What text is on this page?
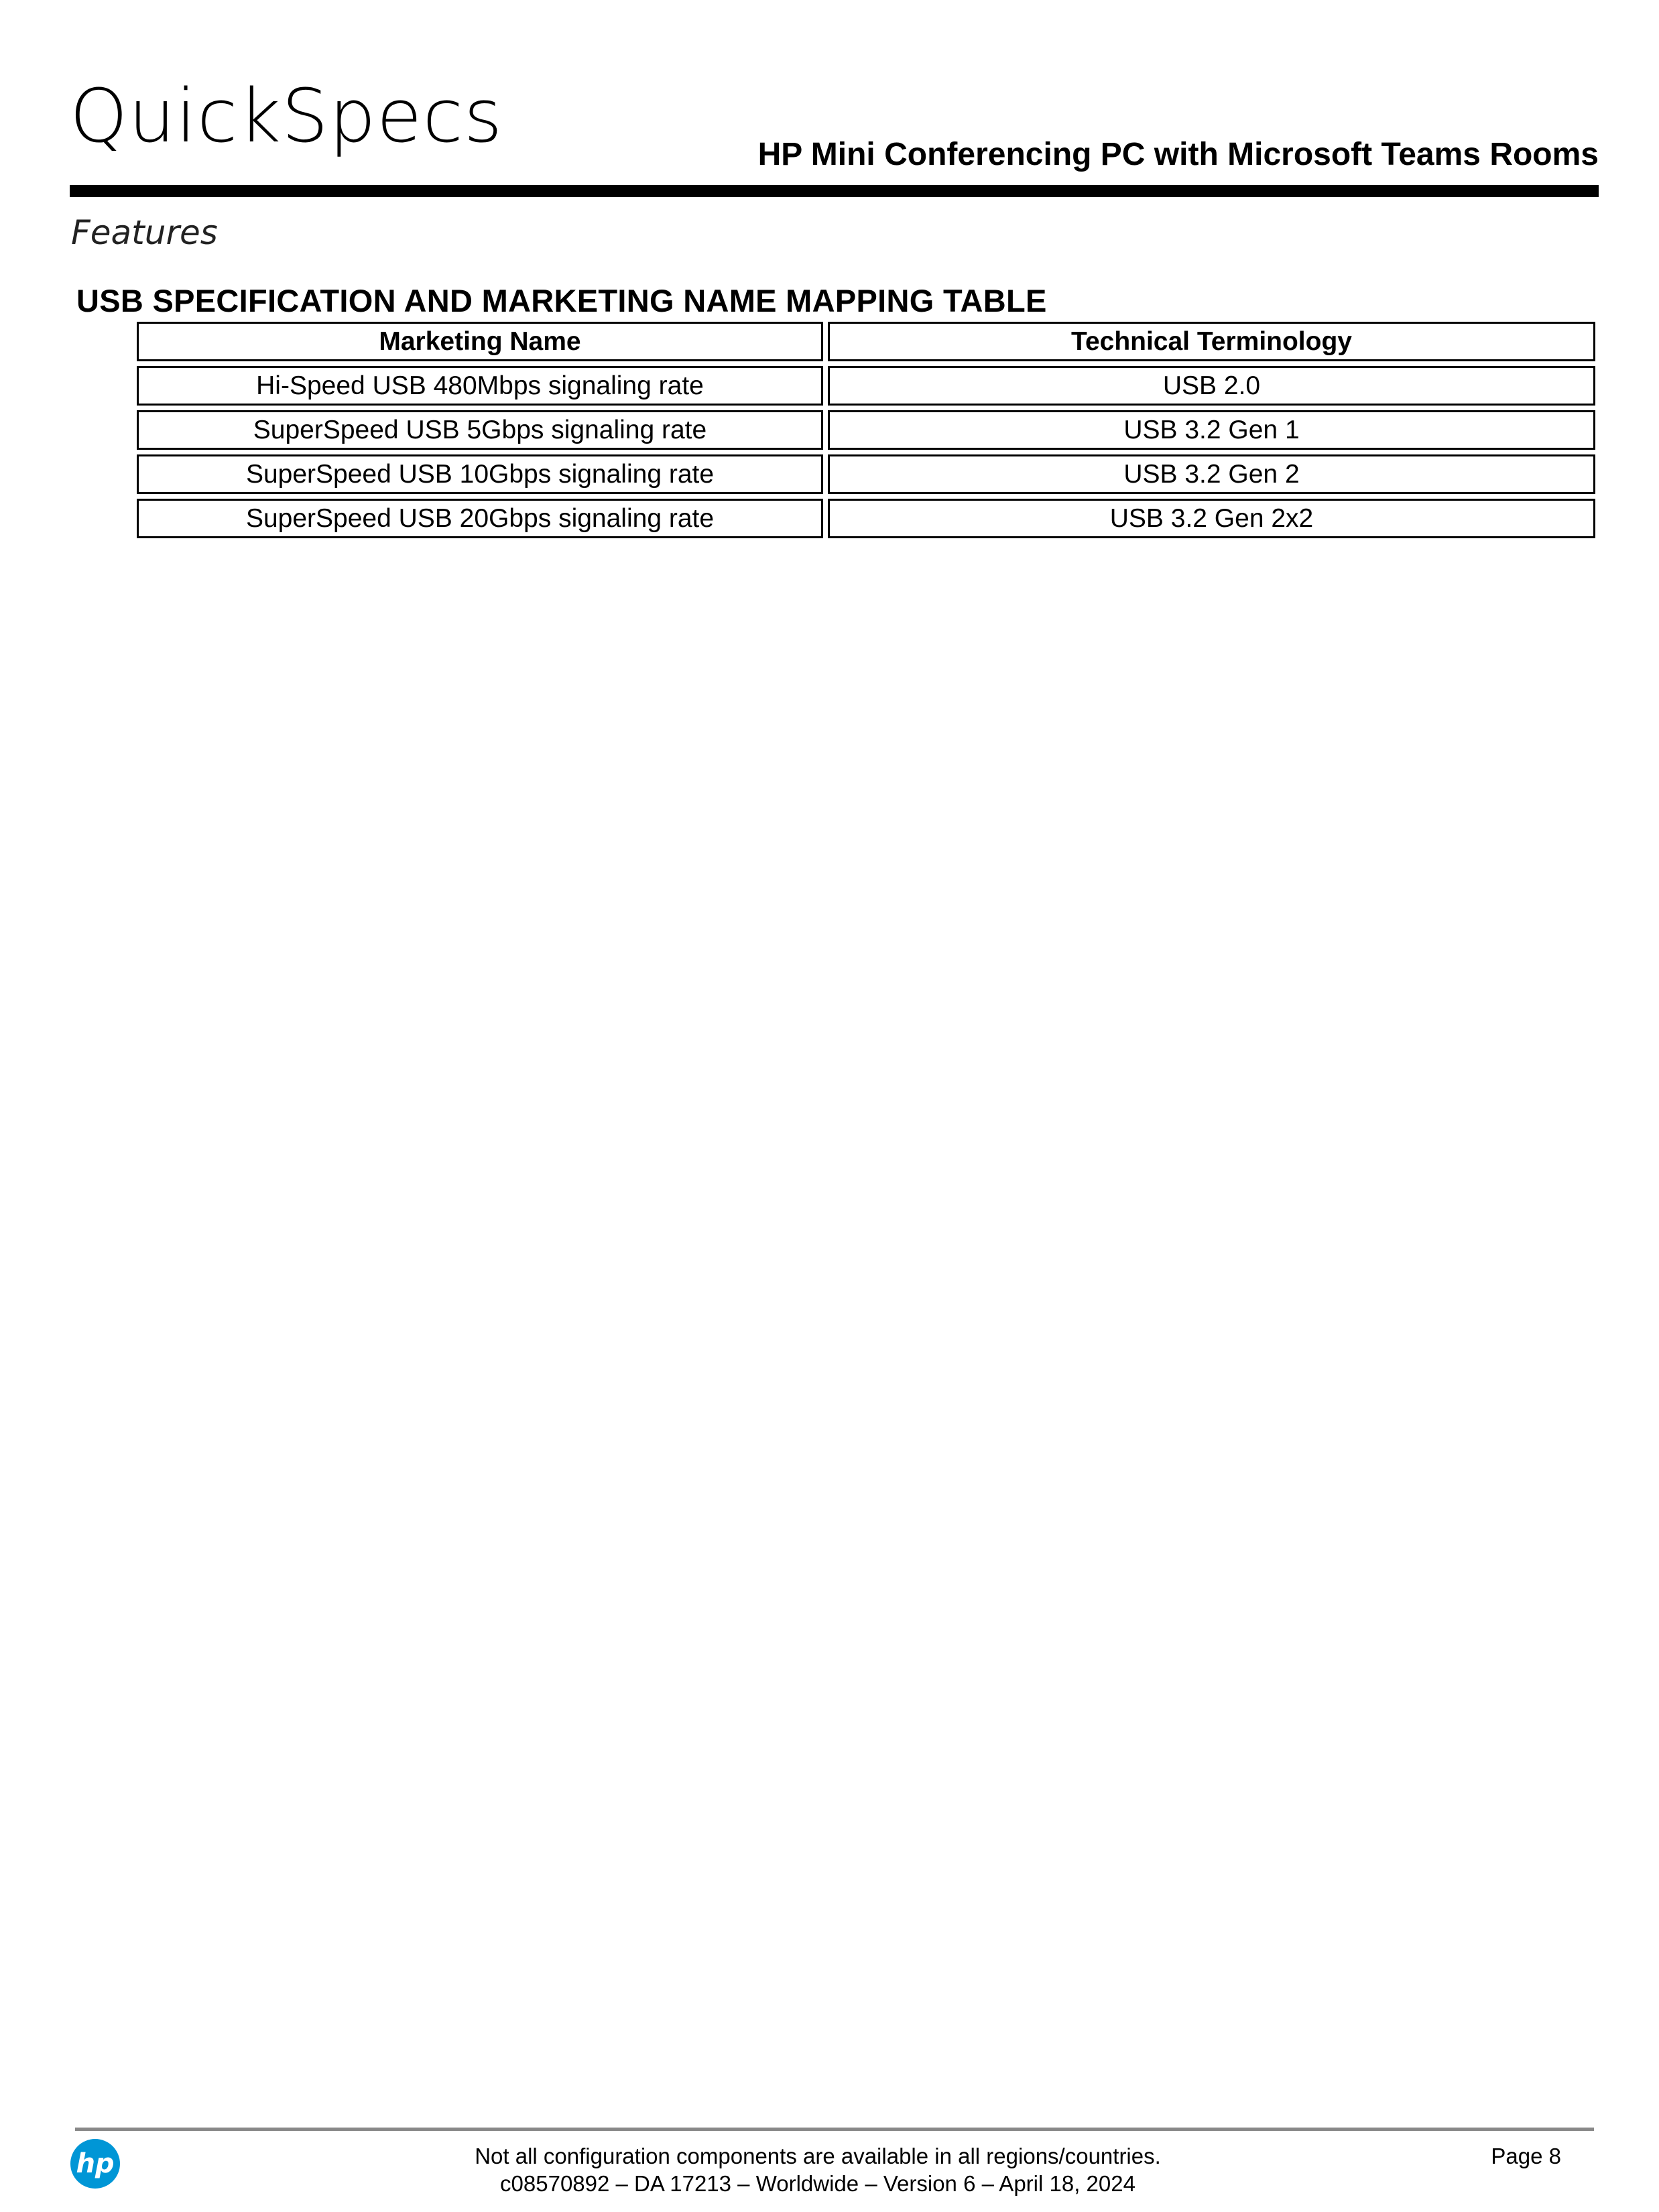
QuickSpecs	HP Mini Conferencing PC with Microsoft Teams Rooms
Features
USB SPECIFICATION AND MARKETING NAME MAPPING TABLE
Marketing Name	Technical Terminology
Hi-Speed USB 480Mbps signaling rate	USB 2.0
SuperSpeed USB 5Gbps signaling rate	USB 3.2 Gen 1
SuperSpeed USB 10Gbps signaling rate	USB 3.2 Gen 2
SuperSpeed USB 20Gbps signaling rate	USB 3.2 Gen 2x2
hp	Not all configuration components are available in all regions/countries.
c08570892 – DA 17213 – Worldwide – Version 6 – April 18, 2024
Page 8
